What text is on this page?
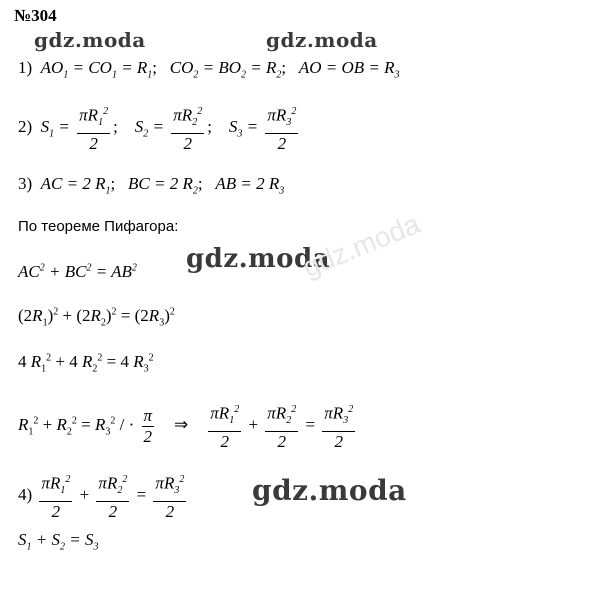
№304
gdz.moda	gdz.moda
1)  $AO_1 = CO_1 = R_1$;   $CO_2 = BO_2 = R_2$;   AO = OB = $R_3$
2)  $S_1 = \frac{\pi R_1^2}{2}$ ;    $S_2 = \frac{\pi R_2^2}{2}$ ;    $S_3 = \frac{\pi R_3^2}{2}$
3)  AC = 2 $R_1$;   BC = 2 $R_2$;   AB = 2 $R_3$
По теореме Пифагора:
$AC^2 + BC^2 = AB^2$ gdz.moda
gdz.moda
$(2R_1)^2 + (2R_2)^2 = (2R_3)^2$
4 $R_1^2 + 4$ $R_2^2 = 4$ $R_3^2$
$R_1^2 + R_2^2 = R_3^2$ / · $\frac{\pi}{2}$ ⇒ $\frac{\pi R_1^2}{2} + \frac{\pi R_2^2}{2} = \frac{\pi R_3^2}{2}$
$4) \frac{\pi R_1^2}{2} + \frac{\pi R_2^2}{2} = \frac{\pi R_3^2}{2}$ gdz.moda
$S_1 + S_2 = S_3$
